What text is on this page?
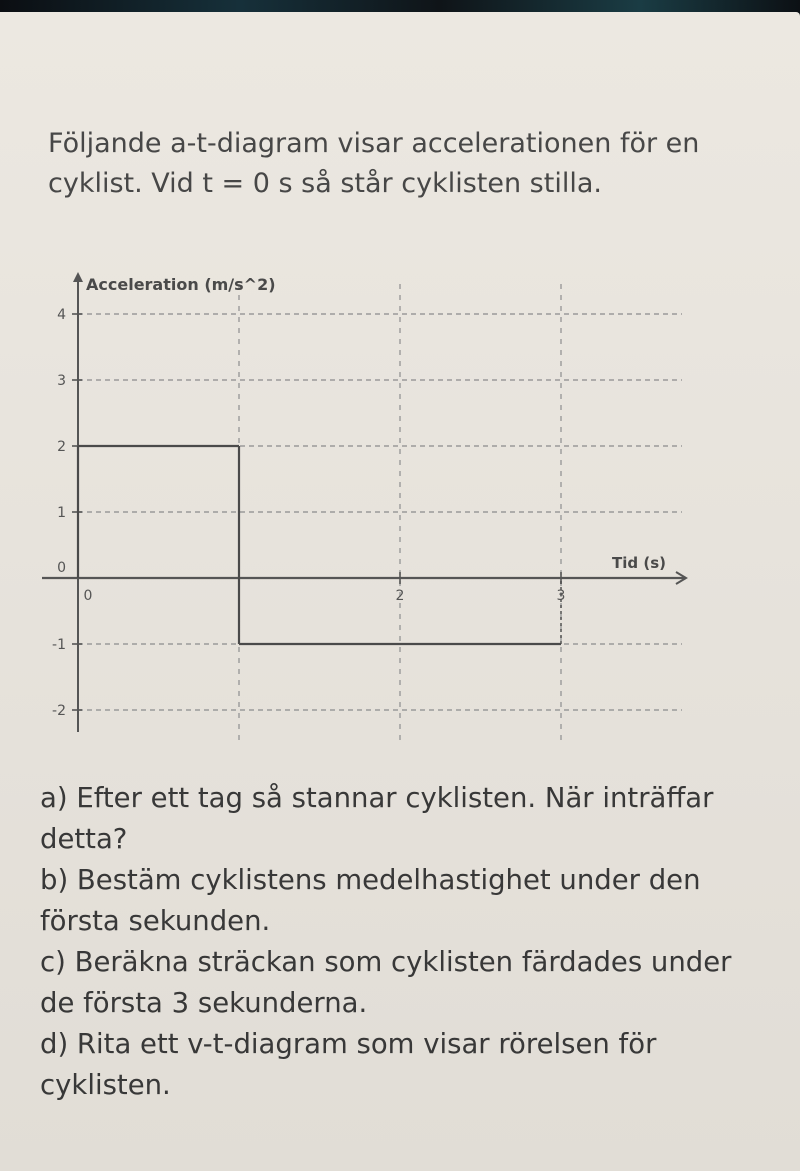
Följande a-t-diagram visar accelerationen för en
cyklist. Vid t = 0 s så står cyklisten stilla.

Acceleration (m/s^2)
Tid (s)
4
3
2
1
0
-1
-2
0	2	3

a) Efter ett tag så stannar cyklisten. När inträffar
detta?

b) Bestäm cyklistens medelhastighet under den
första sekunden.

c) Beräkna sträckan som cyklisten färdades under
de första 3 sekunderna.

d) Rita ett v-t-diagram som visar rörelsen för
cyklisten.
